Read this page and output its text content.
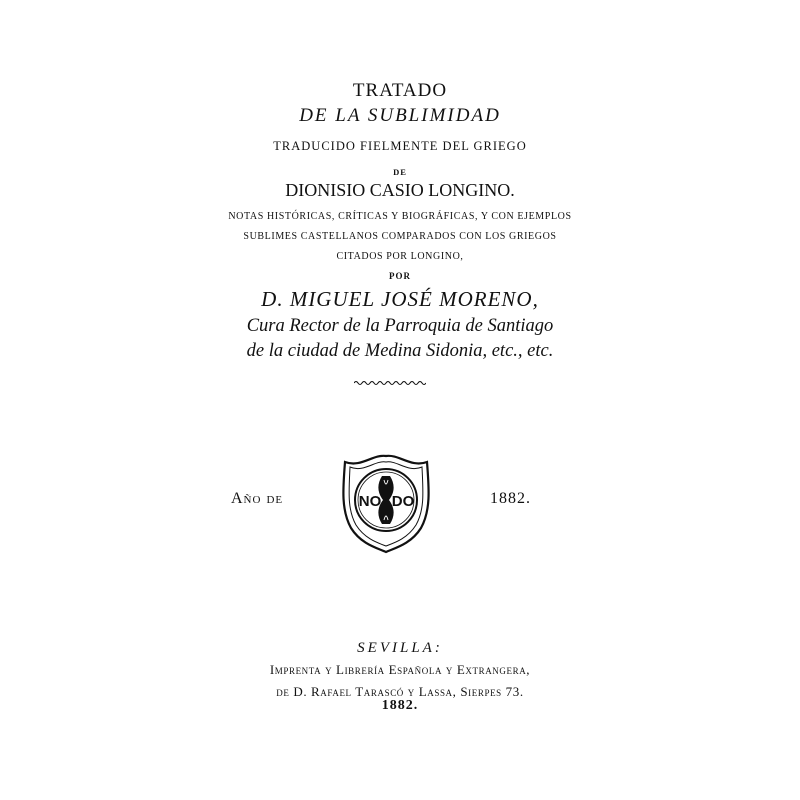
TRATADO
DE LA SUBLIMIDAD
TRADUCIDO FIELMENTE DEL GRIEGO
DE
DIONISIO CASIO LONGINO.
NOTAS HISTÓRICAS, CRÍTICAS Y BIOGRÁFICAS, Y CON EJEMPLOS
SUBLIMES CASTELLANOS COMPARADOS CON LOS GRIEGOS
CITADOS POR LONGINO,
POR
D. MIGUEL JOSÉ MORENO,
Cura Rector de la Parroquia de Santiago
de la ciudad de Medina Sidonia, etc., etc.
Año de	NO DO	1882.
SEVILLA:
Imprenta y Librería Española y Extrangera,
de D. Rafael Tarascó y Lassa, Sierpes 73.
1882.
